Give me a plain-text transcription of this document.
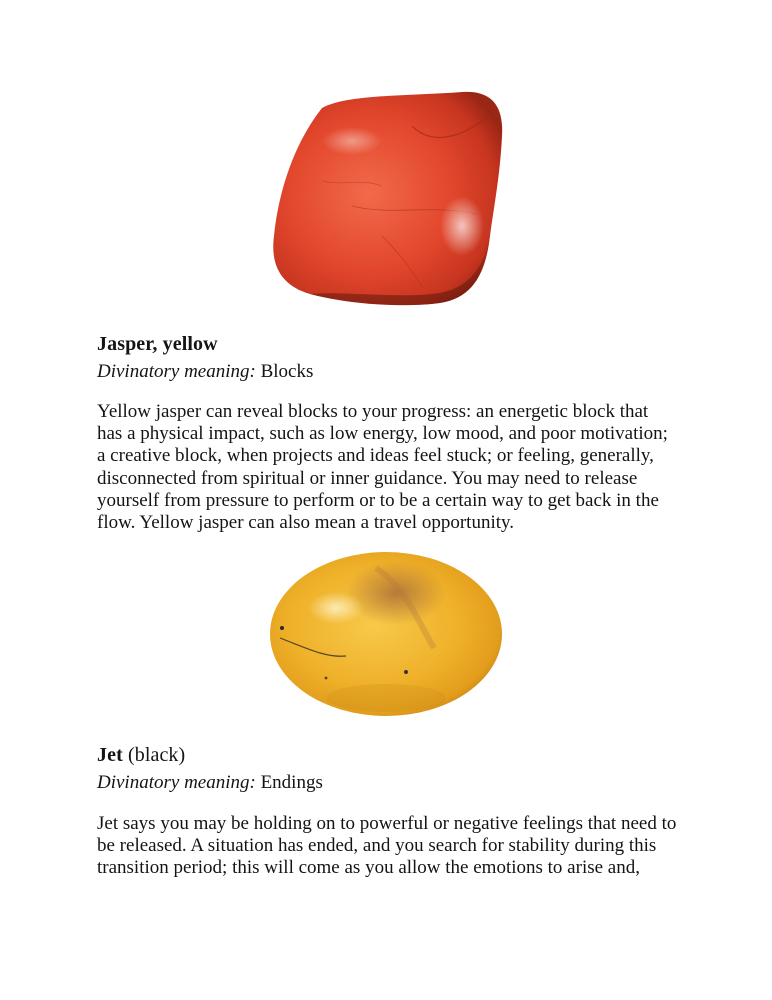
Jasper, yellow

Divinatory meaning: Blocks

Yellow jasper can reveal blocks to your progress: an energetic block that
has a physical impact, such as low energy, low mood, and poor motivation;
a creative block, when projects and ideas feel stuck; or feeling, generally,
disconnected from spiritual or inner guidance. You may need to release
yourself from pressure to perform or to be a certain way to get back in the
flow. Yellow jasper can also mean a travel opportunity.

Jet (black)

Divinatory meaning: Endings

Jet says you may be holding on to powerful or negative feelings that need to
be released. A situation has ended, and you search for stability during this
transition period; this will come as you allow the emotions to arise and,
